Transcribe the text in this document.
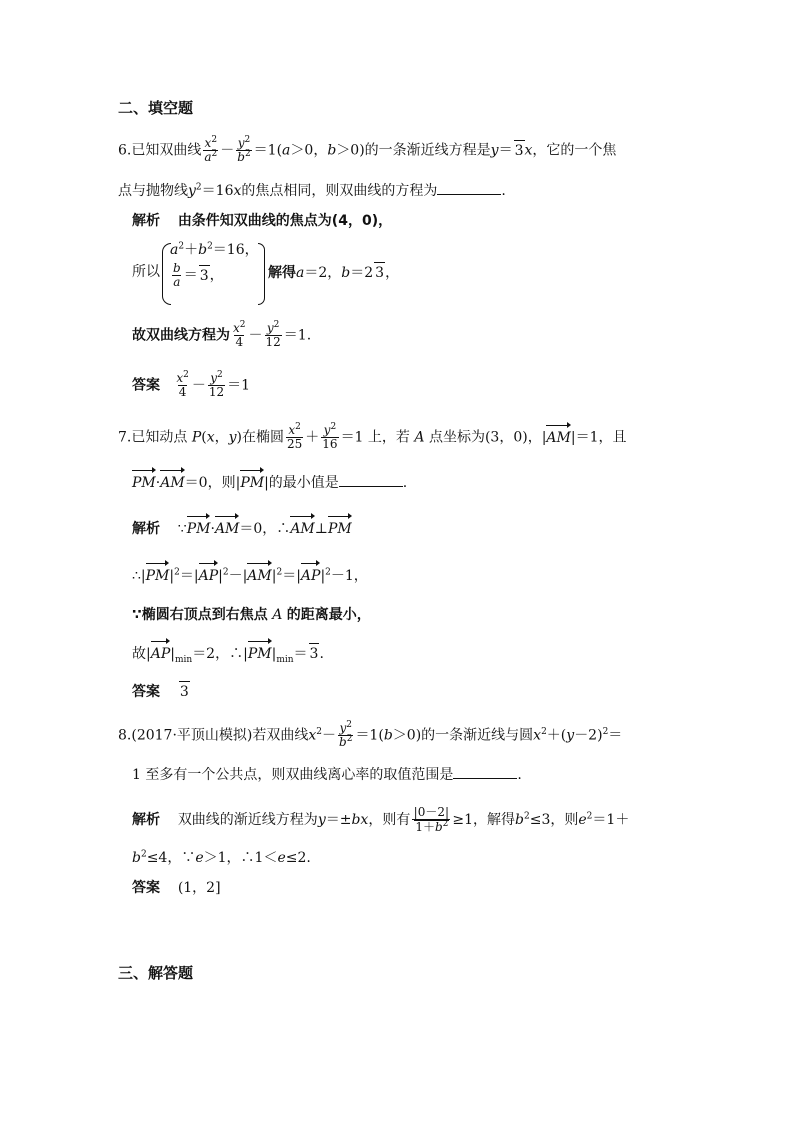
二、填空题
6.已知双曲线 $\frac{x^2}{a^2} - \frac{y^2}{b^2} =1(a>0$，b＞0)的一条渐近线方程是y＝ 3x，它的一个焦
点与抛物线$y^2=16x$的焦点相同，则双曲线的方程为	.
解析 由条件知双曲线的焦点为(4，0)，
所以
$a^2+b^2=16$，
$\frac{b}{a} = 3$，	解得a＝2，b＝2 3，
故双曲线方程为 $\frac{x^2}{4} - \frac{y^2}{12} =1$.
答案 $\frac{x^2}{4} - \frac{y^2}{12} =1$
7.已知动点 P(x，y)在椭圆 $\frac{x^2}{25} + \frac{y^2}{16} =1$ 上，若 A 点坐标为(3，0)，|AM|＝1，且
PM·AM＝0，则|PM|的最小值是	.
解析    ∵PM·AM＝0，∴AM⊥PM
$\therefore|PM|^2=|AP|^2-|AM|^2=|AP|^2-1$，
∵椭圆右顶点到右焦点 A 的距离最小，
故$|AP|_{min}=2$，$\therefore|PM|_{min}= 3$.
答案 3
8.(2017·平顶山模拟)若双曲线$x^2- \frac{y^2}{b^2} =1(b>0)$的一条渐近线与圆$x^2+(y-2)^2=$
1 至多有一个公共点，则双曲线离心率的取值范围是	.
解析 双曲线的渐近线方程为y＝±bx，则有 $\frac{|0-2|}{1+b^2} \ge 1$，解得$b^2\le 3$，则$e^2=1+$
$b^2\le 4$，∵e＞1，∴1＜e≤2.
答案 (1，2]
三、解答题
